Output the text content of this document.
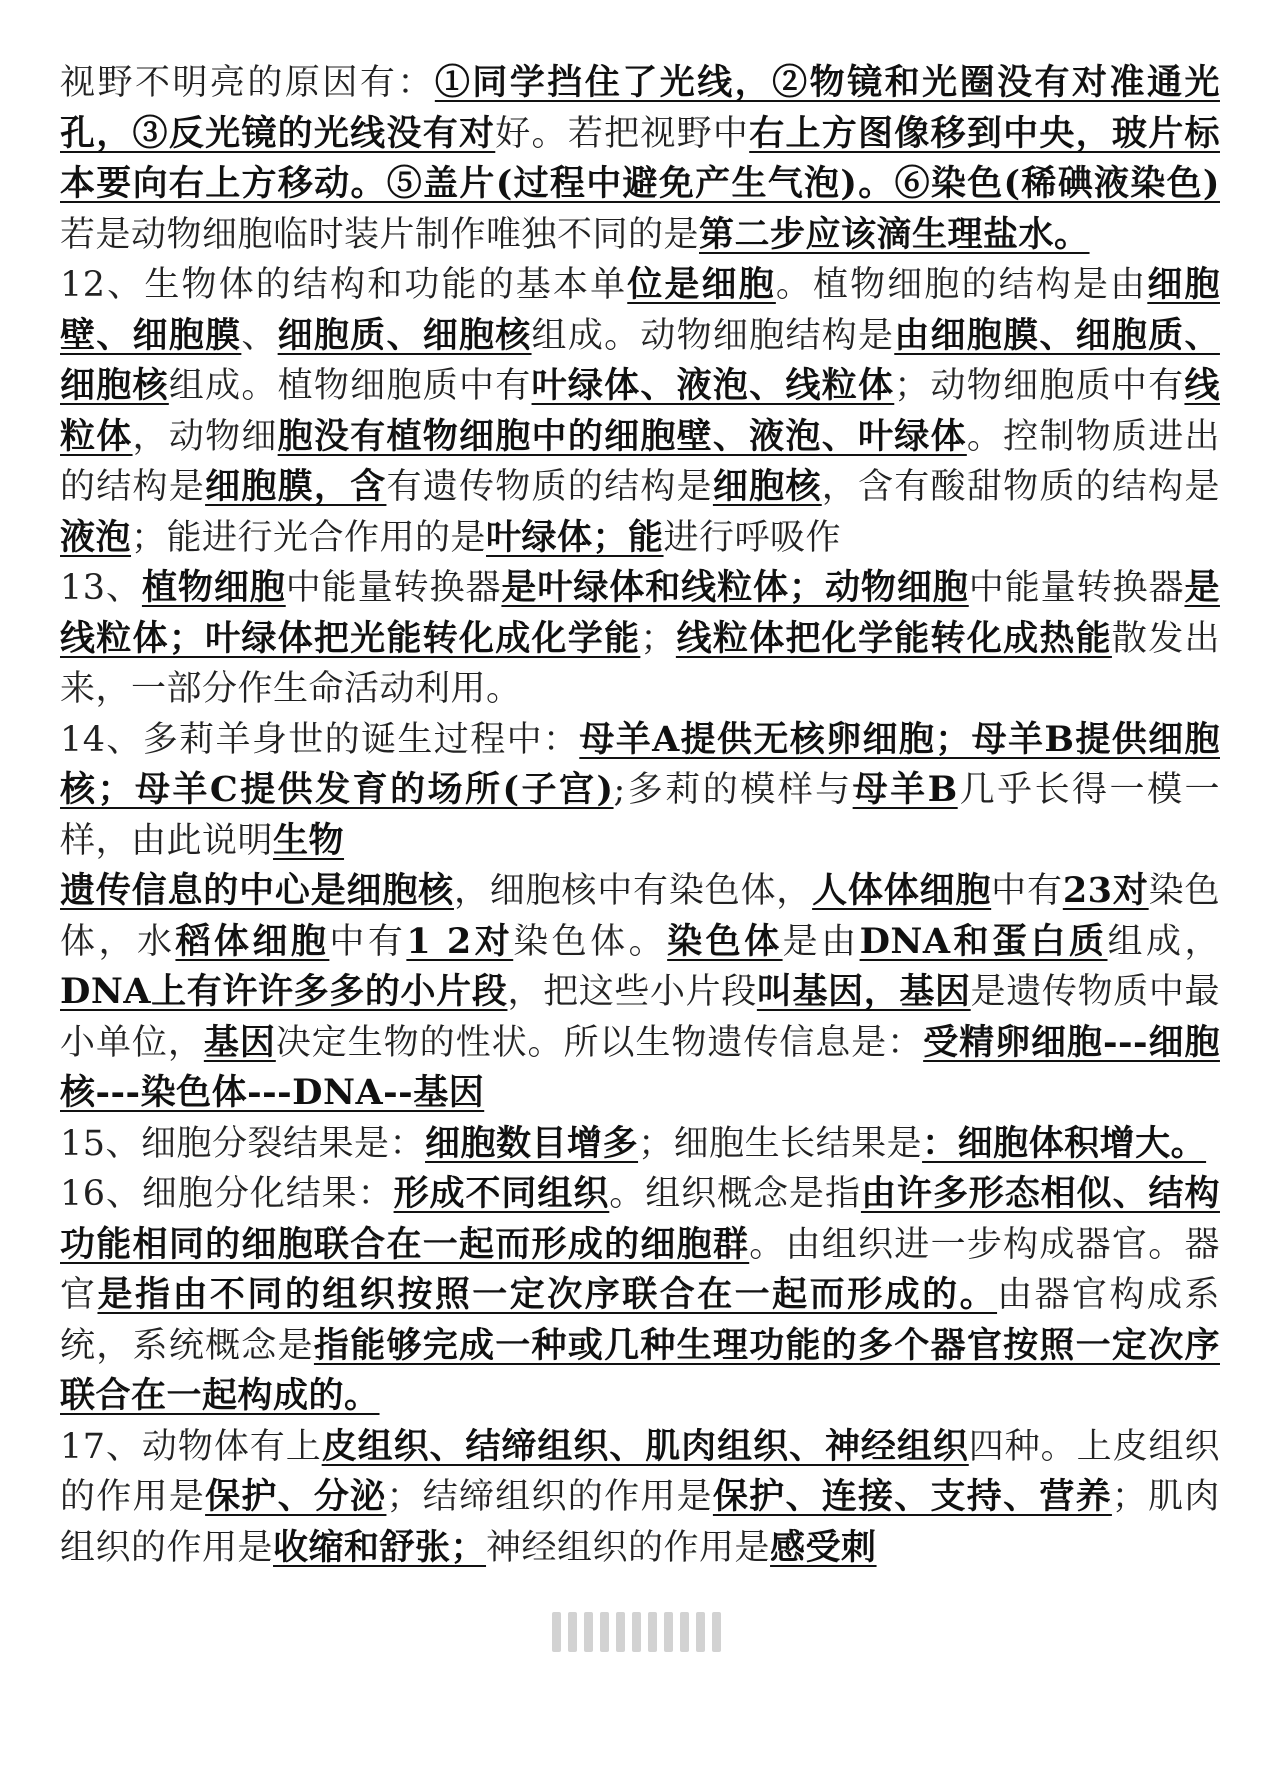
视野不明亮的原因有：①同学挡住了光线，②物镜和光圈没有对准通光孔，③反光镜的光线没有对好。若把视野中右上方图像移到中央，玻片标本要向右上方移动。⑤盖片(过程中避免产生气泡)。⑥染色(稀碘液染色)若是动物细胞临时装片制作唯独不同的是第二步应该滴生理盐水。

12、生物体的结构和功能的基本单位是细胞。植物细胞的结构是由细胞壁、细胞膜、细胞质、细胞核组成。动物细胞结构是由细胞膜、细胞质、细胞核组成。植物细胞质中有叶绿体、液泡、线粒体；动物细胞质中有线粒体，动物细胞没有植物细胞中的细胞壁、液泡、叶绿体。控制物质进出的结构是细胞膜，含有遗传物质的结构是细胞核，含有酸甜物质的结构是液泡；能进行光合作用的是叶绿体；能进行呼吸作

13、植物细胞中能量转换器是叶绿体和线粒体；动物细胞中能量转换器是线粒体；叶绿体把光能转化成化学能；线粒体把化学能转化成热能散发出来，一部分作生命活动利用。

14、多莉羊身世的诞生过程中：母羊A提供无核卵细胞；母羊B提供细胞核；母羊C提供发育的场所(子宫);多莉的模样与母羊B几乎长得一模一样，由此说明生物

遗传信息的中心是细胞核，细胞核中有染色体，人体体细胞中有23对染色体，水稻体细胞中有1 2对染色体。染色体是由DNA和蛋白质组成，DNA上有许许多多的小片段，把这些小片段叫基因，基因是遗传物质中最小单位，基因决定生物的性状。所以生物遗传信息是：受精卵细胞---细胞核---染色体---DNA--基因

15、细胞分裂结果是：细胞数目增多；细胞生长结果是：细胞体积增大。

16、细胞分化结果：形成不同组织。组织概念是指由许多形态相似、结构功能相同的细胞联合在一起而形成的细胞群。由组织进一步构成器官。器官是指由不同的组织按照一定次序联合在一起而形成的。由器官构成系统，系统概念是指能够完成一种或几种生理功能的多个器官按照一定次序联合在一起构成的。

17、动物体有上皮组织、结缔组织、肌肉组织、神经组织四种。上皮组织的作用是保护、分泌；结缔组织的作用是保护、连接、支持、营养；肌肉组织的作用是收缩和舒张；神经组织的作用是感受刺
